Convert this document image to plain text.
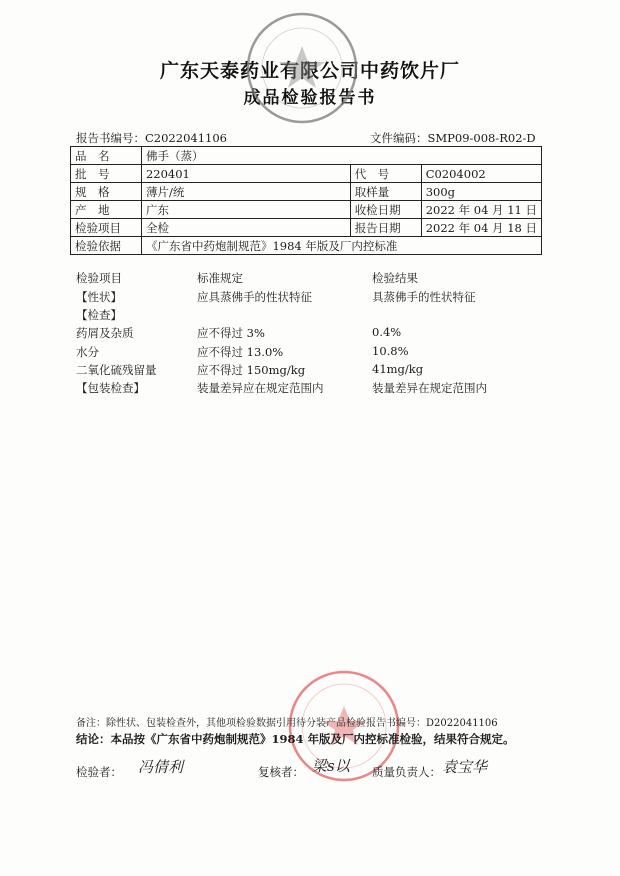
广东天泰药业有限公司中药饮片厂
成品检验报告书
报告书编号：C2022041106	文件编码：SMP09-008-R02-D
品　名	佛手（蒸）		
批　号	220401	代　号	C0204002
规　格	薄片/统	取样量	300g
产　地	广东	收检日期	2022 年 04 月 11 日
检验项目	全检	报告日期	2022 年 04 月 18 日
检验依据	《广东省中药炮制规范》1984 年版及厂内控标准		
检验项目	标准规定	检验结果
【性状】	应具蒸佛手的性状特征	具蒸佛手的性状特征
【检查】
药屑及杂质	应不得过 3%	0.4%
水分	应不得过 13.0%	10.8%
二氧化硫残留量	应不得过 150mg/kg	41mg/kg
【包装检查】	装量差异应在规定范围内	装量差异在规定范围内
备注：除性状、包装检查外，其他项检验数据引用待分装产品检验报告书编号：D2022041106
结论：本品按《广东省中药炮制规范》1984 年版及厂内控标准检验，结果符合规定。
检验者： 冯倩利	复核者： 梁s以 质量负责人： 袁宝华
